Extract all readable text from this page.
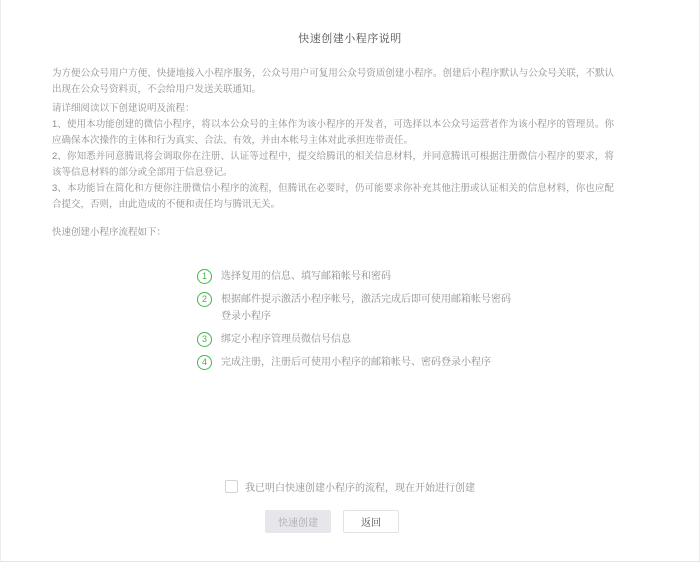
快速创建小程序说明

为方便公众号用户方便、快捷地接入小程序服务，公众号用户可复用公众号资质创建小程序。创建后小程序默认与公众号关联，不默认出现在公众号资料页，不会给用户发送关联通知。

请详细阅读以下创建说明及流程：

1、使用本功能创建的微信小程序，将以本公众号的主体作为该小程序的开发者，可选择以本公众号运营者作为该小程序的管理员。你应确保本次操作的主体和行为真实、合法、有效，并由本帐号主体对此承担连带责任。

2、你知悉并同意腾讯将会调取你在注册、认证等过程中，提交给腾讯的相关信息材料，并同意腾讯可根据注册微信小程序的要求，将该等信息材料的部分或全部用于信息登记。

3、本功能旨在简化和方便你注册微信小程序的流程，但腾讯在必要时，仍可能要求你补充其他注册或认证相关的信息材料，你也应配合提交，否则，由此造成的不便和责任均与腾讯无关。

快速创建小程序流程如下：

1	选择复用的信息、填写邮箱帐号和密码
2	根据邮件提示激活小程序帐号，激活完成后即可使用邮箱帐号密码登录小程序
3	绑定小程序管理员微信号信息
4	完成注册，注册后可使用小程序的邮箱帐号、密码登录小程序
我已明白快速创建小程序的流程，现在开始进行创建
快速创建	返回
